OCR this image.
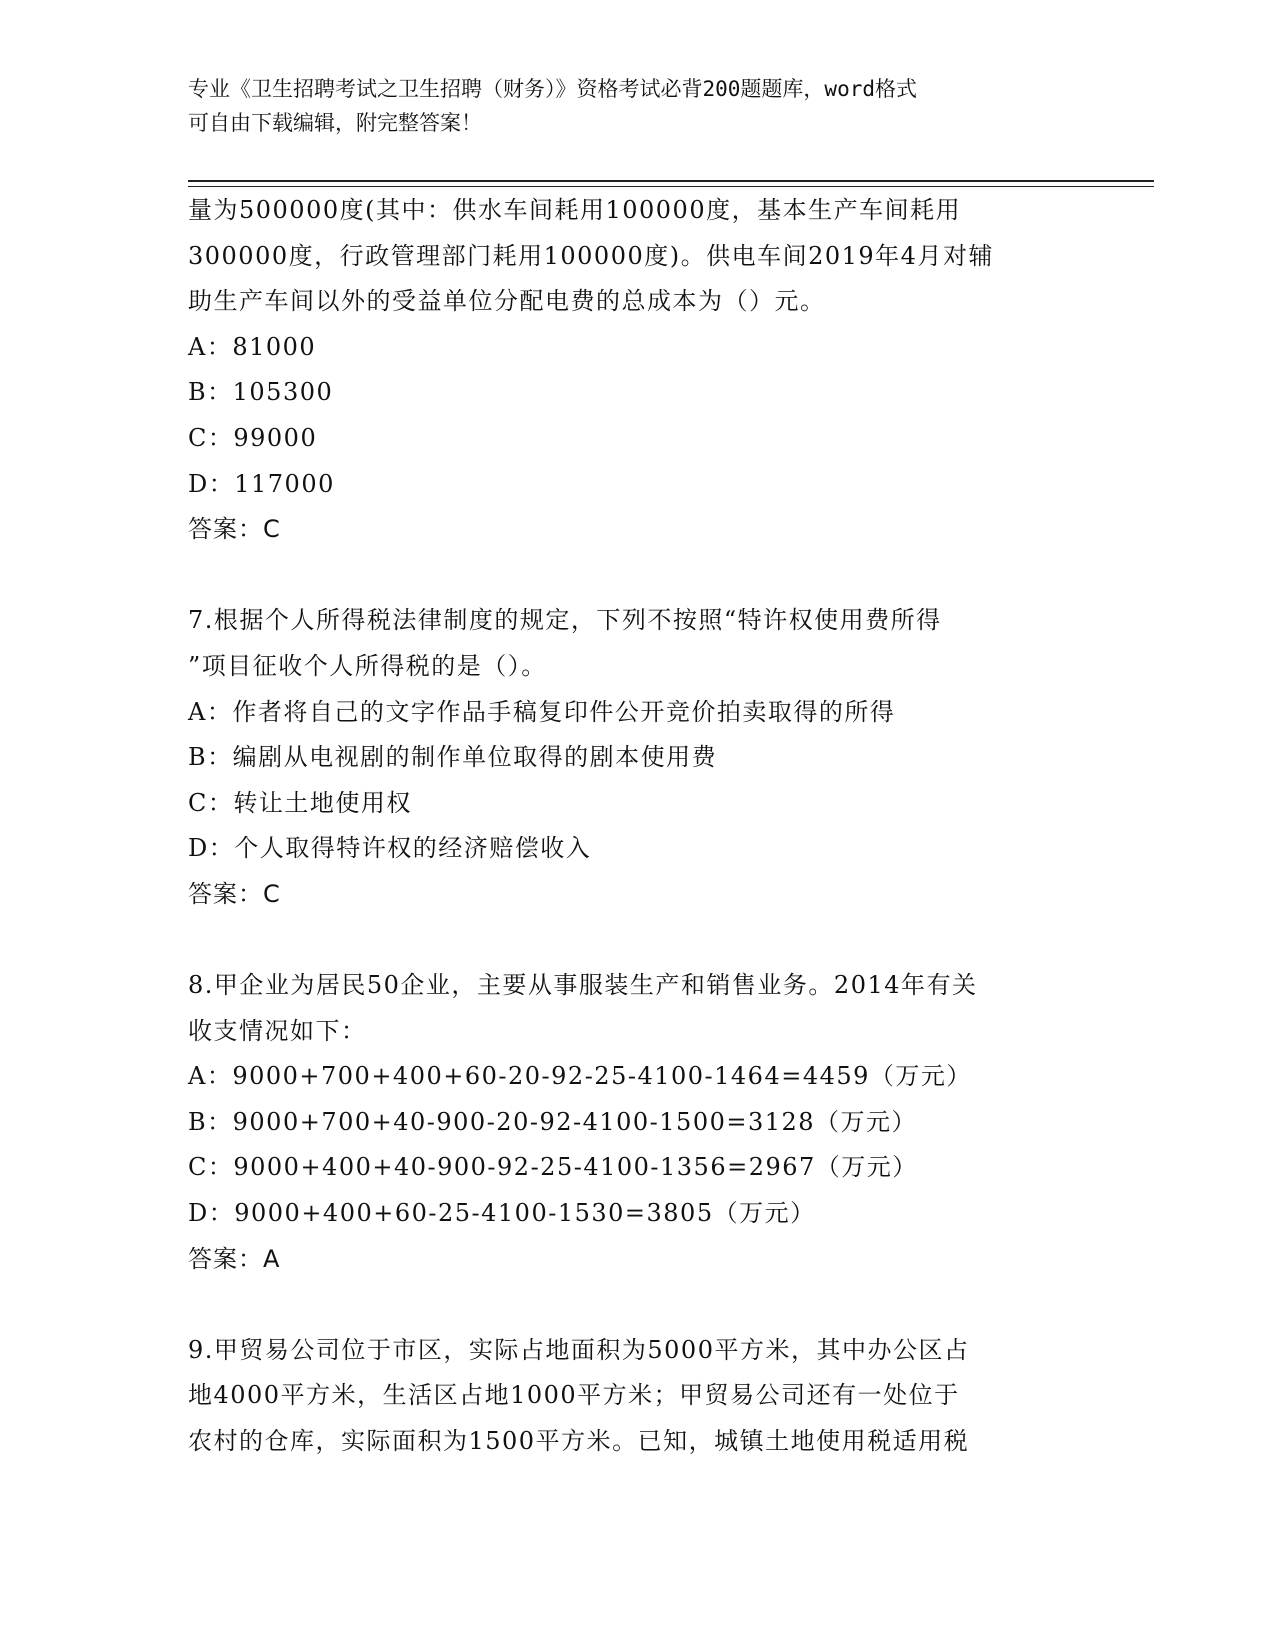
专业《卫生招聘考试之卫生招聘（财务）》资格考试必背200题题库，word格式
可自由下载编辑，附完整答案！

量为500000度(其中：供水车间耗用100000度，基本生产车间耗用

300000度，行政管理部门耗用100000度)。供电车间2019年4月对辅

助生产车间以外的受益单位分配电费的总成本为（）元。

A：81000

B：105300

C：99000

D：117000

答案：C

7.根据个人所得税法律制度的规定，下列不按照“特许权使用费所得

”项目征收个人所得税的是（）。

A：作者将自己的文字作品手稿复印件公开竞价拍卖取得的所得

B：编剧从电视剧的制作单位取得的剧本使用费

C：转让土地使用权

D：个人取得特许权的经济赔偿收入

答案：C

8.甲企业为居民50企业，主要从事服装生产和销售业务。2014年有关

收支情况如下：

A：9000+700+400+60-20-92-25-4100-1464=4459（万元）

B：9000+700+40-900-20-92-4100-1500=3128（万元）

C：9000+400+40-900-92-25-4100-1356=2967（万元）

D：9000+400+60-25-4100-1530=3805（万元）

答案：A

9.甲贸易公司位于市区，实际占地面积为5000平方米，其中办公区占

地4000平方米，生活区占地1000平方米；甲贸易公司还有一处位于

农村的仓库，实际面积为1500平方米。已知，城镇土地使用税适用税
